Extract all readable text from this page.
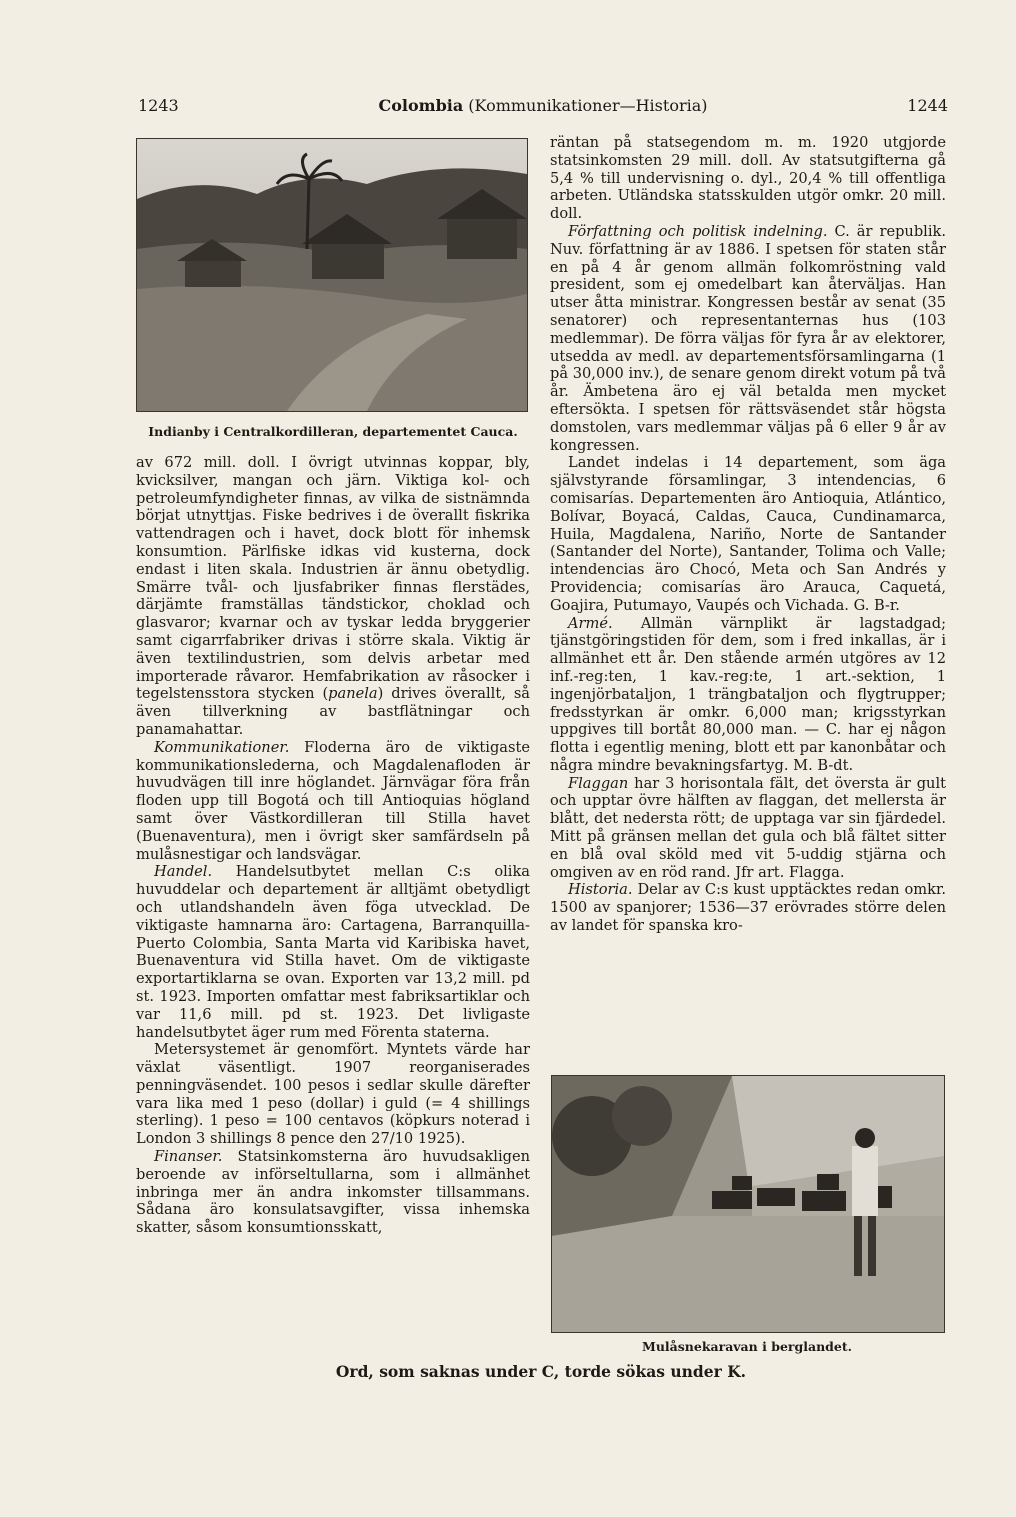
1243	Colombia (Kommunikationer—Historia)	1244
Indianby i Centralkordilleran, departementet Cauca.

av 672 mill. doll. I övrigt utvinnas koppar, bly, kvicksilver, mangan och järn. Viktiga kol- och petroleumfyndigheter finnas, av vilka de sistnämnda börjat utnyttjas. Fiske bedrives i de överallt fiskrika vattendragen och i havet, dock blott för inhemsk konsumtion. Pärlfiske idkas vid kusterna, dock endast i liten skala. Industrien är ännu obetydlig. Smärre tvål- och ljusfabriker finnas flerstädes, därjämte framställas tändstickor, choklad och glasvaror; kvarnar och av tyskar ledda bryggerier samt cigarrfabriker drivas i större skala. Viktig är även textilindustrien, som delvis arbetar med importerade råvaror. Hemfabrikation av råsocker i tegelstensstora stycken (panela) drives överallt, så även tillverkning av bastflätningar och panamahattar.

Kommunikationer. Floderna äro de viktigaste kommunikationslederna, och Magdalenafloden är huvudvägen till inre höglandet. Järnvägar föra från floden upp till Bogotá och till Antioquias högland samt över Västkordilleran till Stilla havet (Buenaventura), men i övrigt sker samfärdseln på mulåsnestigar och landsvägar.

Handel. Handelsutbytet mellan C:s olika huvuddelar och departement är alltjämt obetydligt och utlandshandeln även föga utvecklad. De viktigaste hamnarna äro: Cartagena, Barranquilla-Puerto Colombia, Santa Marta vid Karibiska havet, Buenaventura vid Stilla havet. Om de viktigaste exportartiklarna se ovan. Exporten var 13,2 mill. pd st. 1923. Importen omfattar mest fabriksartiklar och var 11,6 mill. pd st. 1923. Det livligaste handelsutbytet äger rum med Förenta staterna.

Metersystemet är genomfört. Myntets värde har växlat väsentligt. 1907 reorganiserades penningväsendet. 100 pesos i sedlar skulle därefter vara lika med 1 peso (dollar) i guld (= 4 shillings sterling). 1 peso = 100 centavos (köpkurs noterad i London 3 shillings 8 pence den 27/10 1925).

Finanser. Statsinkomsterna äro huvudsakligen beroende av införseltullarna, som i allmänhet inbringa mer än andra inkomster tillsammans. Sådana äro konsulatsavgifter, vissa inhemska skatter, såsom konsumtionsskatt,

räntan på statsegendom m. m. 1920 utgjorde statsinkomsten 29 mill. doll. Av statsutgifterna gå 5,4 % till undervisning o. dyl., 20,4 % till offentliga arbeten. Utländska statsskulden utgör omkr. 20 mill. doll.

Författning och politisk indelning. C. är republik. Nuv. författning är av 1886. I spetsen för staten står en på 4 år genom allmän folkomröstning vald president, som ej omedelbart kan återväljas. Han utser åtta ministrar. Kongressen består av senat (35 senatorer) och representanternas hus (103 medlemmar). De förra väljas för fyra år av elektorer, utsedda av medl. av departementsförsamlingarna (1 på 30,000 inv.), de senare genom direkt votum på två år. Ämbetena äro ej väl betalda men mycket eftersökta. I spetsen för rättsväsendet står högsta domstolen, vars medlemmar väljas på 6 eller 9 år av kongressen.

Landet indelas i 14 departement, som äga självstyrande församlingar, 3 intendencias, 6 comisarías. Departementen äro Antioquia, Atlántico, Bolívar, Boyacá, Caldas, Cauca, Cundinamarca, Huila, Magdalena, Nariño, Norte de Santander (Santander del Norte), Santander, Tolima och Valle; intendencias äro Chocó, Meta och San Andrés y Providencia; comisarías äro Arauca, Caquetá, Goajira, Putumayo, Vaupés och Vichada. G. B-r.

Armé. Allmän värnplikt är lagstadgad; tjänstgöringstiden för dem, som i fred inkallas, är i allmänhet ett år. Den stående armén utgöres av 12 inf.-reg:ten, 1 kav.-reg:te, 1 art.-sektion, 1 ingenjörbataljon, 1 trängbataljon och flygtrupper; fredsstyrkan är omkr. 6,000 man; krigsstyrkan uppgives till bortåt 80,000 man. — C. har ej någon flotta i egentlig mening, blott ett par kanonbåtar och några mindre bevakningsfartyg. M. B-dt.

Flaggan har 3 horisontala fält, det översta är gult och upptar övre hälften av flaggan, det mellersta är blått, det nedersta rött; de upptaga var sin fjärdedel. Mitt på gränsen mellan det gula och blå fältet sitter en blå oval sköld med vit 5-uddig stjärna och omgiven av en röd rand. Jfr art. Flagga.

Historia. Delar av C:s kust upptäcktes redan omkr. 1500 av spanjorer; 1536—37 erövrades större delen av landet för spanska kro-

Mulåsnekaravan i berglandet.
Ord, som saknas under C, torde sökas under K.
